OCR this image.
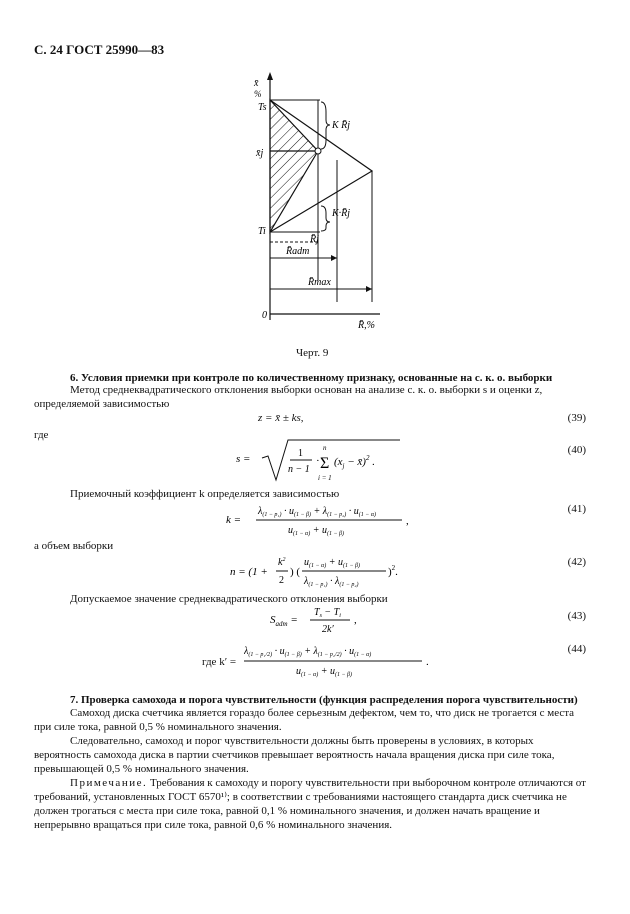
С. 24 ГОСТ 25990—83
x̄
%
Ts
x̄j
Ti
0
R̄,%
K R̄j
K·R̄j
R̄j
R̄adm
R̄max
Черт. 9
6. Условия приемки при контроле по количественному признаку, основанные на с. к. о. выборки
Метод среднеквадратического отклонения выборки основан на анализе с. к. о. выборки s и оценки z, определяемой зависимостью
z = x̄ ± ks,	(39)
где
s =	1
n − 1
·
n
Σ
i = 1
($x_j$ − x̄)$^2$ .
(40)
Приемочный коэффициент k определяется зависимостью
k =
$\lambda_{(1 - p_1)} \cdot u_{(1 - \beta)} + \lambda_{(1 - p_2)} \cdot u_{(1 - \alpha)}$
$u_{(1 - \alpha)} + u_{(1 - \beta)}$
,
(41)
а объем выборки
n = (1 +
$k^2$
2
) (
$u_{(1 - \alpha)} + u_{(1 - \beta)}$
$\lambda_{(1 - p_1)} \cdot \lambda_{(1 - p_2)}$
)$^2$.
(42)
Допускаемое значение среднеквадратического отклонения выборки
$S_{adm}$ =
$T_s - T_i$
2k′
,	(43)
где k′ =
$\lambda_{(1 - p_1/2)} \cdot u_{(1 - \beta)} + \lambda_{(1 - p_2/2)} \cdot u_{(1 - \alpha)}$
$u_{(1 - \alpha)} + u_{(1 - \beta)}$
.
(44)
7. Проверка самохода и порога чувствительности (функция распределения порога чувствительности)
Самоход диска счетчика является гораздо более серьезным дефектом, чем то, что диск не трогается с места при силе тока, равной 0,5 % номинального значения.
Следовательно, самоход и порог чувствительности должны быть проверены в условиях, в которых вероятность самохода диска в партии счетчиков превышает вероятность начала вращения диска при силе тока, превышающей 0,5 % номинального значения.
Примечание. Требования к самоходу и порогу чувствительности при выборочном контроле отличаются от требований, установленных ГОСТ 6570¹⁾; в соответствии с требованиями настоящего стандарта диск счетчика не должен трогаться с места при силе тока, равной 0,1 % номинального значения, и должен начать вращение и непрерывно вращаться при силе тока, равной 0,6 % номинального значения.
